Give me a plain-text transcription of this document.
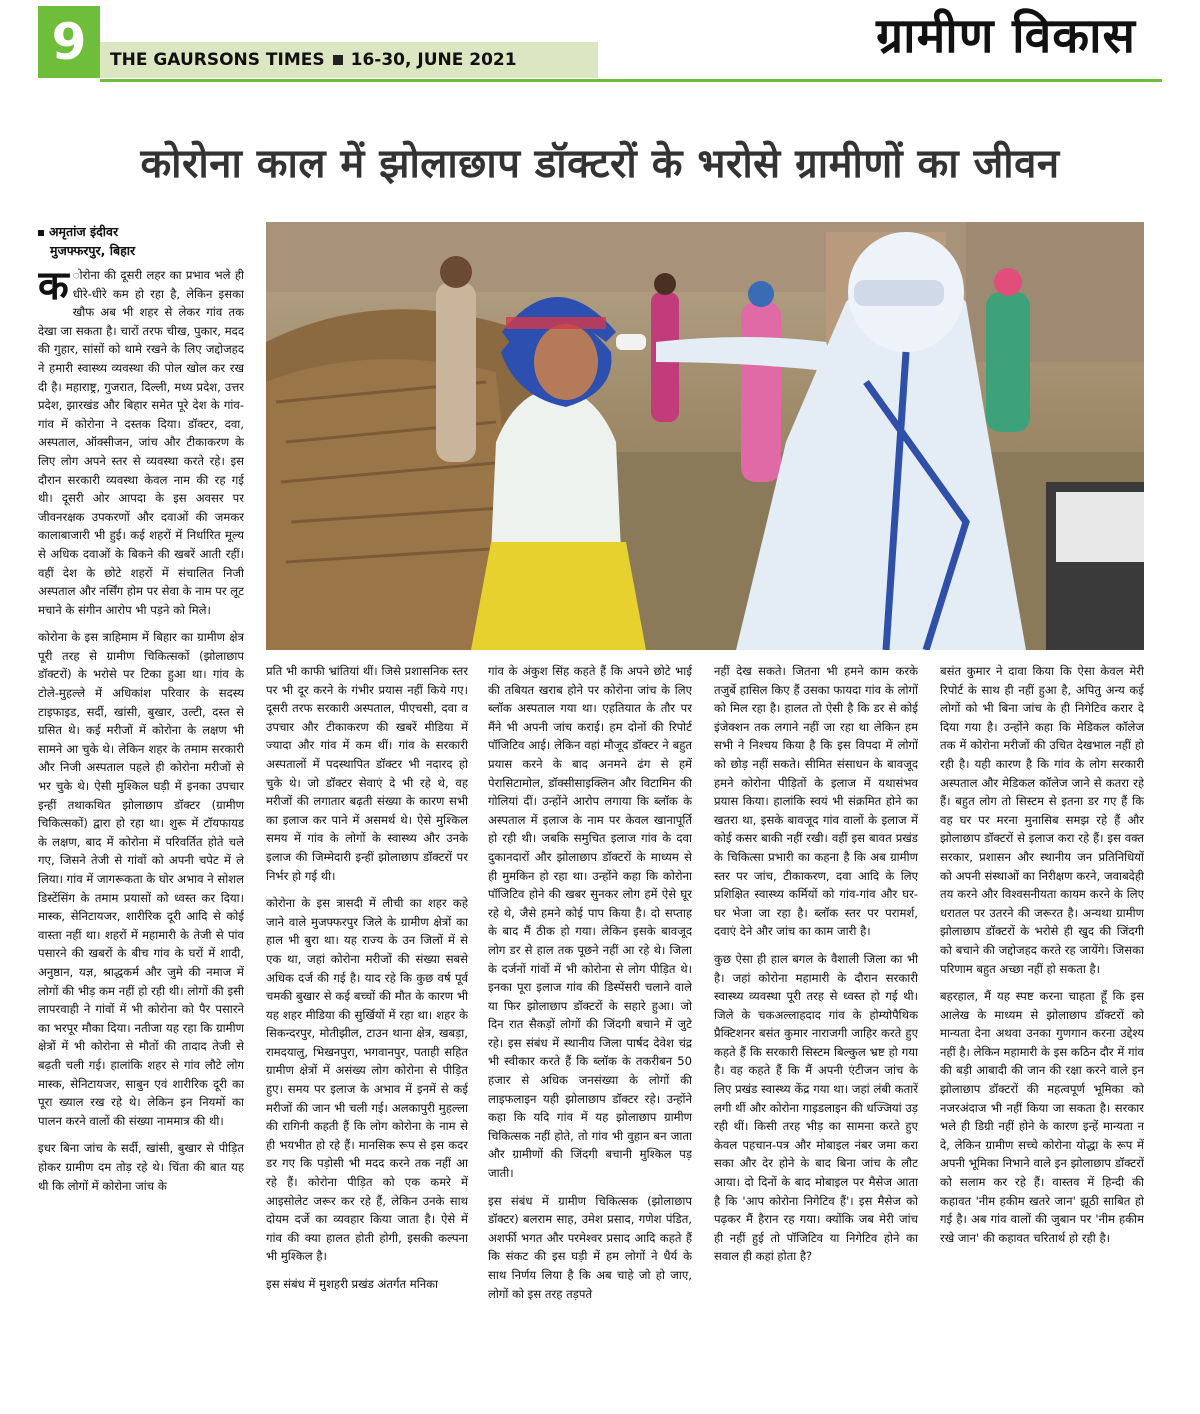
9	THE GAURSONS TIMES 16-30, JUNE 2021	ग्रामीण विकास
कोरोना काल में झोलाछाप डॉक्टरों के भरोसे ग्रामीणों का जीवन
अमृतांज इंदीवर
मुजफ्फरपुर, बिहार

क ोरोना की दूसरी लहर का प्रभाव भले ही धीरे-धीरे कम हो रहा है, लेकिन इसका खौफ अब भी शहर से लेकर गांव तक देखा जा सकता है। चारों तरफ चीख, पुकार, मदद की गुहार, सांसों को थामे रखने के लिए जद्दोजहद ने हमारी स्वास्थ्य व्यवस्था की पोल खोल कर रख दी है। महाराष्ट्र, गुजरात, दिल्ली, मध्य प्रदेश, उत्तर प्रदेश, झारखंड और बिहार समेत पूरे देश के गांव-गांव में कोरोना ने दस्तक दिया। डॉक्टर, दवा, अस्पताल, ऑक्सीजन, जांच और टीकाकरण के लिए लोग अपने स्तर से व्यवस्था करते रहे। इस दौरान सरकारी व्यवस्था केवल नाम की रह गई थी। दूसरी ओर आपदा के इस अवसर पर जीवनरक्षक उपकरणों और दवाओं की जमकर कालाबाजारी भी हुई। कई शहरों में निर्धारित मूल्य से अधिक दवाओं के बिकने की खबरें आती रहीं। वहीं देश के छोटे शहरों में संचालित निजी अस्पताल और नर्सिंग होम पर सेवा के नाम पर लूट मचाने के संगीन आरोप भी पड़ने को मिले।

कोरोना के इस त्राहिमाम में बिहार का ग्रामीण क्षेत्र पूरी तरह से ग्रामीण चिकित्सकों (झोलाछाप डॉक्टरों) के भरोसे पर टिका हुआ था। गांव के टोले-मुहल्ले में अधिकांश परिवार के सदस्य टाइफाइड, सर्दी, खांसी, बुखार, उल्टी, दस्त से ग्रसित थे। कई मरीजों में कोरोना के लक्षण भी सामने आ चुके थे। लेकिन शहर के तमाम सरकारी और निजी अस्पताल पहले ही कोरोना मरीजों से भर चुके थे। ऐसी मुश्किल घड़ी में इनका उपचार इन्हीं तथाकथित झोलाछाप डॉक्टर (ग्रामीण चिकित्सकों) द्वारा हो रहा था। शुरू में टॉयफायड के लक्षण, बाद में कोरोना में परिवर्तित होते चले गए, जिसने तेजी से गांवों को अपनी चपेट में ले लिया। गांव में जागरूकता के घोर अभाव ने सोशल डिस्टेंसिंग के तमाम प्रयासों को ध्वस्त कर दिया। मास्क, सेनिटायजर, शारीरिक दूरी आदि से कोई वास्ता नहीं था। शहरों में महामारी के तेजी से पांव पसारने की खबरों के बीच गांव के घरों में शादी, अनुष्ठान, यज्ञ, श्राद्धकर्म और जुमे की नमाज में लोगों की भीड़ कम नहीं हो रही थी। लोगों की इसी लापरवाही ने गांवों में भी कोरोना को पैर पसारने का भरपूर मौका दिया। नतीजा यह रहा कि ग्रामीण क्षेत्रों में भी कोरोना से मौतों की तादाद तेजी से बढ़ती चली गई। हालांकि शहर से गांव लौटे लोग मास्क, सेनिटायजर, साबुन एवं शारीरिक दूरी का पूरा ख्याल रख रहे थे। लेकिन इन नियमों का पालन करने वालों की संख्या नाममात्र की थी।

इधर बिना जांच के सर्दी, खांसी, बुखार से पीड़ित होकर ग्रामीण दम तोड़ रहे थे। चिंता की बात यह थी कि लोगों में कोरोना जांच के

प्रति भी काफी भ्रांतियां थीं। जिसे प्रशासनिक स्तर पर भी दूर करने के गंभीर प्रयास नहीं किये गए। दूसरी तरफ सरकारी अस्पताल, पीएचसी, दवा व उपचार और टीकाकरण की खबरें मीडिया में ज्यादा और गांव में कम थीं। गांव के सरकारी अस्पतालों में पदस्थापित डॉक्टर भी नदारद हो चुके थे। जो डॉक्टर सेवाएं दे भी रहे थे, वह मरीजों की लगातार बढ़ती संख्या के कारण सभी का इलाज कर पाने में असमर्थ थे। ऐसे मुश्किल समय में गांव के लोगों के स्वास्थ्य और उनके इलाज की जिम्मेदारी इन्हीं झोलाछाप डॉक्टरों पर निर्भर हो गई थी।

कोरोना के इस त्रासदी में लीची का शहर कहे जाने वाले मुजफ्फरपुर जिले के ग्रामीण क्षेत्रों का हाल भी बुरा था। यह राज्य के उन जिलों में से एक था, जहां कोरोना मरीजों की संख्या सबसे अधिक दर्ज की गई है। याद रहे कि कुछ वर्ष पूर्व चमकी बुखार से कई बच्चों की मौत के कारण भी यह शहर मीडिया की सुर्खियों में रहा था। शहर के सिकन्दरपुर, मोतीझील, टाउन थाना क्षेत्र, खबड़ा, रामदयालु, भिखनपुरा, भगवानपुर, पताही सहित ग्रामीण क्षेत्रों में असंख्य लोग कोरोना से पीड़ित हुए। समय पर इलाज के अभाव में इनमें से कई मरीजों की जान भी चली गई। अलकापुरी मुहल्ला की रागिनी कहती हैं कि लोग कोरोना के नाम से ही भयभीत हो रहे हैं। मानसिक रूप से इस कदर डर गए कि पड़ोसी भी मदद करने तक नहीं आ रहे हैं। कोरोना पीड़ित को एक कमरे में आइसोलेट जरूर कर रहे हैं, लेकिन उनके साथ दोयम दर्जे का व्यवहार किया जाता है। ऐसे में गांव की क्या हालत होती होगी, इसकी कल्पना भी मुश्किल है।

इस संबंध में मुशहरी प्रखंड अंतर्गत मनिका

गांव के अंकुश सिंह कहते हैं कि अपने छोटे भाई की तबियत खराब होने पर कोरोना जांच के लिए ब्लॉक अस्पताल गया था। एहतियात के तौर पर मैंने भी अपनी जांच कराई। हम दोनों की रिपोर्ट पॉजिटिव आई। लेकिन वहां मौजूद डॉक्टर ने बहुत प्रयास करने के बाद अनमने ढंग से हमें पेरासिटामोल, डॉक्सीसाइक्लिन और विटामिन की गोलियां दीं। उन्होंने आरोप लगाया कि ब्लॉक के अस्पताल में इलाज के नाम पर केवल खानापूर्ति हो रही थी। जबकि समुचित इलाज गांव के दवा दुकानदारों और झोलाछाप डॉक्टरों के माध्यम से ही मुमकिन हो रहा था। उन्होंने कहा कि कोरोना पॉजिटिव होने की खबर सुनकर लोग हमें ऐसे घूर रहे थे, जैसे हमने कोई पाप किया है। दो सप्ताह के बाद मैं ठीक हो गया। लेकिन इसके बावजूद लोग डर से हाल तक पूछने नहीं आ रहे थे। जिला के दर्जनों गांवों में भी कोरोना से लोग पीड़ित थे। इनका पूरा इलाज गांव की डिस्पेंसरी चलाने वाले या फिर झोलाछाप डॉक्टरों के सहारे हुआ। जो दिन रात सैकड़ों लोगों की जिंदगी बचाने में जुटे रहे। इस संबंध में स्थानीय जिला पार्षद देवेश चंद्र भी स्वीकार करते हैं कि ब्लॉक के तकरीबन 50 हजार से अधिक जनसंख्या के लोगों की लाइफलाइन यही झोलाछाप डॉक्टर रहे। उन्होंने कहा कि यदि गांव में यह झोलाछाप ग्रामीण चिकित्सक नहीं होते, तो गांव भी वुहान बन जाता और ग्रामीणों की जिंदगी बचानी मुश्किल पड़ जाती।

इस संबंध में ग्रामीण चिकित्सक (झोलाछाप डॉक्टर) बलराम साह, उमेश प्रसाद, गणेश पंडित, अशर्फी भगत और परमेश्वर प्रसाद आदि कहते हैं कि संकट की इस घड़ी में हम लोगों ने धैर्य के साथ निर्णय लिया है कि अब चाहे जो हो जाए, लोगों को इस तरह तड़पते

नहीं देख सकते। जितना भी हमने काम करके तजुर्बे हासिल किए हैं उसका फायदा गांव के लोगों को मिल रहा है। हालत तो ऐसी है कि डर से कोई इंजेक्शन तक लगाने नहीं जा रहा था लेकिन हम सभी ने निश्चय किया है कि इस विपदा में लोगों को छोड़ नहीं सकते। सीमित संसाधन के बावजूद हमने कोरोना पीड़ितों के इलाज में यथासंभव प्रयास किया। हालांकि स्वयं भी संक्रमित होने का खतरा था, इसके बावजूद गांव वालों के इलाज में कोई कसर बाकी नहीं रखी। वहीं इस बावत प्रखंड के चिकित्सा प्रभारी का कहना है कि अब ग्रामीण स्तर पर जांच, टीकाकरण, दवा आदि के लिए प्रशिक्षित स्वास्थ्य कर्मियों को गांव-गांव और घर-घर भेजा जा रहा है। ब्लॉक स्तर पर परामर्श, दवाएं देने और जांच का काम जारी है।

कुछ ऐसा ही हाल बगल के वैशाली जिला का भी है। जहां कोरोना महामारी के दौरान सरकारी स्वास्थ्य व्यवस्था पूरी तरह से ध्वस्त हो गई थी। जिले के चकअल्लाहदाद गांव के होम्योपैथिक प्रैक्टिशनर बसंत कुमार नाराजगी जाहिर करते हुए कहते हैं कि सरकारी सिस्टम बिल्कुल भ्रष्ट हो गया है। वह कहते हैं कि मैं अपनी एंटीजन जांच के लिए प्रखंड स्वास्थ्य केंद्र गया था। जहां लंबी कतारें लगी थीं और कोरोना गाइडलाइन की धज्जियां उड़ रही थीं। किसी तरह भीड़ का सामना करते हुए केवल पहचान-पत्र और मोबाइल नंबर जमा करा सका और देर होने के बाद बिना जांच के लौट आया। दो दिनों के बाद मोबाइल पर मैसेज आता है कि 'आप कोरोना निगेटिव हैं'। इस मैसेज को पढ़कर मैं हैरान रह गया। क्योंकि जब मेरी जांच ही नहीं हुई तो पॉजिटिव या निगेटिव होने का सवाल ही कहां होता है?

बसंत कुमार ने दावा किया कि ऐसा केवल मेरी रिपोर्ट के साथ ही नहीं हुआ है, अपितु अन्य कई लोगों को भी बिना जांच के ही निगेटिव करार दे दिया गया है। उन्होंने कहा कि मेडिकल कॉलेज तक में कोरोना मरीजों की उचित देखभाल नहीं हो रही है। यही कारण है कि गांव के लोग सरकारी अस्पताल और मेडिकल कॉलेज जाने से कतरा रहे हैं। बहुत लोग तो सिस्टम से इतना डर गए हैं कि वह घर पर मरना मुनासिब समझ रहे हैं और झोलाछाप डॉक्टरों से इलाज करा रहे हैं। इस वक्त सरकार, प्रशासन और स्थानीय जन प्रतिनिधियों को अपनी संस्थाओं का निरीक्षण करने, जवाबदेही तय करने और विश्वसनीयता कायम करने के लिए धरातल पर उतरने की जरूरत है। अन्यथा ग्रामीण झोलाछाप डॉक्टरों के भरोसे ही खुद की जिंदगी को बचाने की जद्दोजहद करते रह जायेंगे। जिसका परिणाम बहुत अच्छा नहीं हो सकता है।

बहरहाल, मैं यह स्पष्ट करना चाहता हूँ कि इस आलेख के माध्यम से झोलाछाप डॉक्टरों को मान्यता देना अथवा उनका गुणगान करना उद्देश्य नहीं है। लेकिन महामारी के इस कठिन दौर में गांव की बड़ी आबादी की जान की रक्षा करने वाले इन झोलाछाप डॉक्टरों की महत्वपूर्ण भूमिका को नजरअंदाज भी नहीं किया जा सकता है। सरकार भले ही डिग्री नहीं होने के कारण इन्हें मान्यता न दे, लेकिन ग्रामीण सच्चे कोरोना योद्धा के रूप में अपनी भूमिका निभाने वाले इन झोलाछाप डॉक्टरों को सलाम कर रहे हैं। वास्तव में हिन्दी की कहावत 'नीम हकीम खतरे जान' झूठी साबित हो गई है। अब गांव वालों की जुबान पर 'नीम हकीम रखे जान' की कहावत चरितार्थ हो रही है।
